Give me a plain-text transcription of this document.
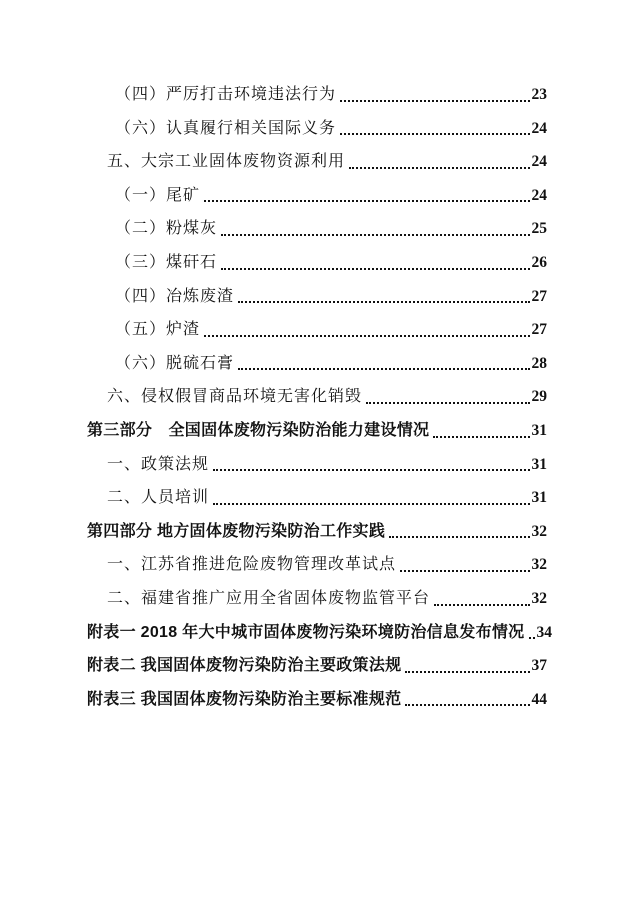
（四）严厉打击环境违法行为	23
（六）认真履行相关国际义务	24
五、大宗工业固体废物资源利用	24
（一）尾矿	24
（二）粉煤灰	25
（三）煤矸石	26
（四）冶炼废渣	27
（五）炉渣	27
（六）脱硫石膏	28
六、侵权假冒商品环境无害化销毁	29
第三部分　全国固体废物污染防治能力建设情况	31
一、政策法规	31
二、人员培训	31
第四部分 地方固体废物污染防治工作实践	32
一、江苏省推进危险废物管理改革试点	32
二、福建省推广应用全省固体废物监管平台	32
附表一 2018 年大中城市固体废物污染环境防治信息发布情况 34
附表二 我国固体废物污染防治主要政策法规	37
附表三 我国固体废物污染防治主要标准规范	44
